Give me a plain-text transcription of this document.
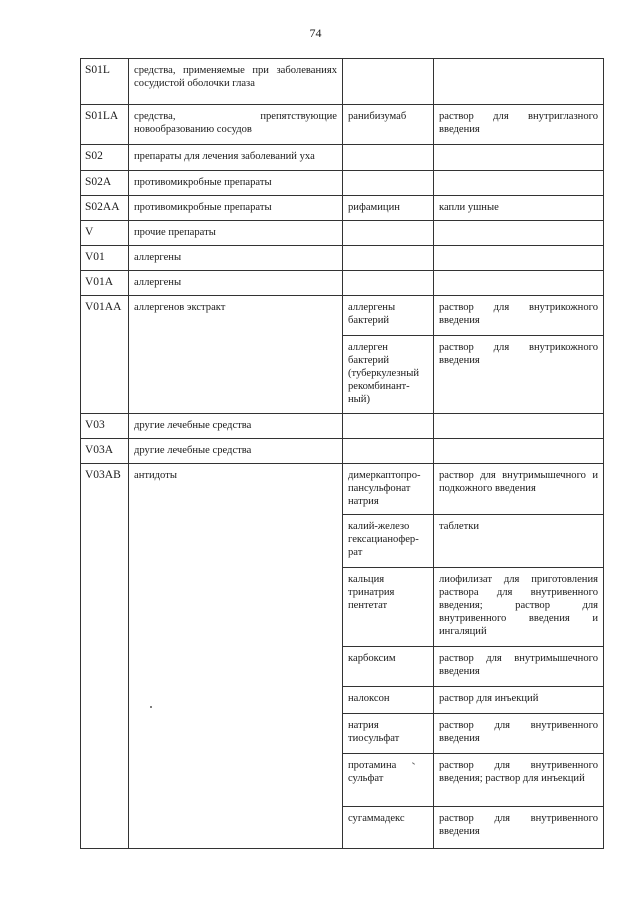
74
S01L	средства, применяемые при заболеваниях сосудистой оболочки глаза		
S01LA	средства, препятствующие новообразованию сосудов	ранибизумаб	раствор для внутриглазного введения
S02	препараты для лечения заболеваний уха		
S02A	противомикробные препараты		
S02AA	противомикробные препараты	рифамицин	капли ушные
V	прочие препараты		
V01	аллергены		
V01A	аллергены		
V01AA	аллергенов экстракт	аллергены бактерий	раствор для внутрикожного введения
		аллерген бактерий (туберкулезный рекомбинант-ный)	раствор для внутрикожного введения
V03	другие лечебные средства		
V03A	другие лечебные средства		
V03AB	антидоты	димеркаптопро-пансульфонат натрия	раствор для внутримышечного и подкожного введения
		калий-железо гексацианофер-рат	таблетки
		кальция тринатрия пентетат	лиофилизат для приготовления раствора для внутривенного введения; раствор для внутривенного введения и ингаляций
		карбоксим	раствор для внутримышечного введения
		налоксон	раствор для инъекций
		натрия тиосульфат	раствор для внутривенного введения
		протамина сульфат	раствор для внутривенного введения; раствор для инъекций
		сугаммадекс	раствор для внутривенного введения
